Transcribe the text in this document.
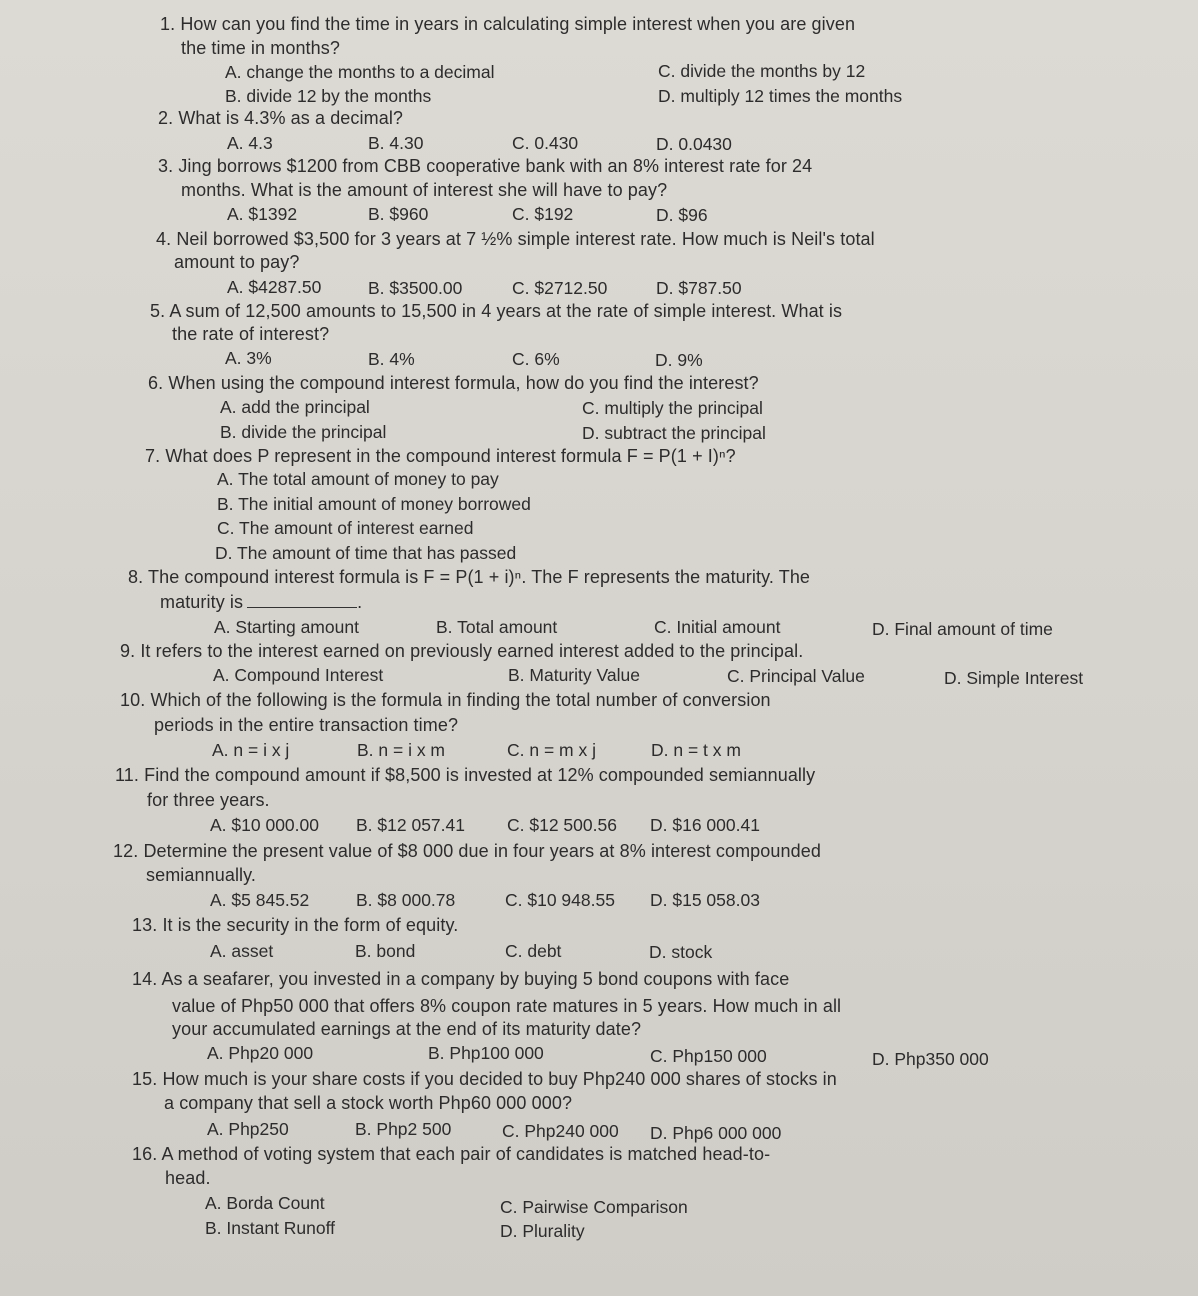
1. How can you find the time in years in calculating simple interest when you are given
the time in months?
A. change the months to a decimal
B. divide 12 by the months
C. divide the months by 12
D. multiply 12 times the months
2. What is 4.3% as a decimal?
A. 4.3	B. 4.30	C. 0.430	D. 0.0430
3. Jing borrows $1200 from CBB cooperative bank with an 8% interest rate for 24
months. What is the amount of interest she will have to pay?
A. $1392	B. $960	C. $192	D. $96
4. Neil borrowed $3,500 for 3 years at 7 ½% simple interest rate. How much is Neil's total
amount to pay?
A. $4287.50	B. $3500.00	C. $2712.50	D. $787.50
5. A sum of 12,500 amounts to 15,500 in 4 years at the rate of simple interest. What is
the rate of interest?
A. 3%	B. 4%	C. 6%	D. 9%
6. When using the compound interest formula, how do you find the interest?
A. add the principal
B. divide the principal
C. multiply the principal
D. subtract the principal
7. What does P represent in the compound interest formula F = P(1 + I)ⁿ?
A. The total amount of money to pay
B. The initial amount of money borrowed
C. The amount of interest earned
D. The amount of time that has passed
8. The compound interest formula is F = P(1 + i)ⁿ. The F represents the maturity. The
maturity is	.
A. Starting amount	B. Total amount	C. Initial amount	D. Final amount of time
9. It refers to the interest earned on previously earned interest added to the principal.
A. Compound Interest	B. Maturity Value	C. Principal Value	D. Simple Interest
10. Which of the following is the formula in finding the total number of conversion
periods in the entire transaction time?
A. n = i x j	B. n = i x m	C. n = m x j	D. n = t x m
11. Find the compound amount if $8,500 is invested at 12% compounded semiannually
for three years.
A. $10 000.00 B. $12 057.41 C. $12 500.56 D. $16 000.41
12. Determine the present value of $8 000 due in four years at 8% interest compounded
semiannually.
A. $5 845.52	B. $8 000.78	C. $10 948.55 D. $15 058.03
13. It is the security in the form of equity.
A. asset	B. bond	C. debt	D. stock
14. As a seafarer, you invested in a company by buying 5 bond coupons with face
value of Php50 000 that offers 8% coupon rate matures in 5 years. How much in all
your accumulated earnings at the end of its maturity date?
A. Php20 000	B. Php100 000	C. Php150 000	D. Php350 000
15. How much is your share costs if you decided to buy Php240 000 shares of stocks in
a company that sell a stock worth Php60 000 000?
A. Php250	B. Php2 500	C. Php240 000 D. Php6 000 000
16. A method of voting system that each pair of candidates is matched head-to-
head.
A. Borda Count
B. Instant Runoff
C. Pairwise Comparison
D. Plurality
